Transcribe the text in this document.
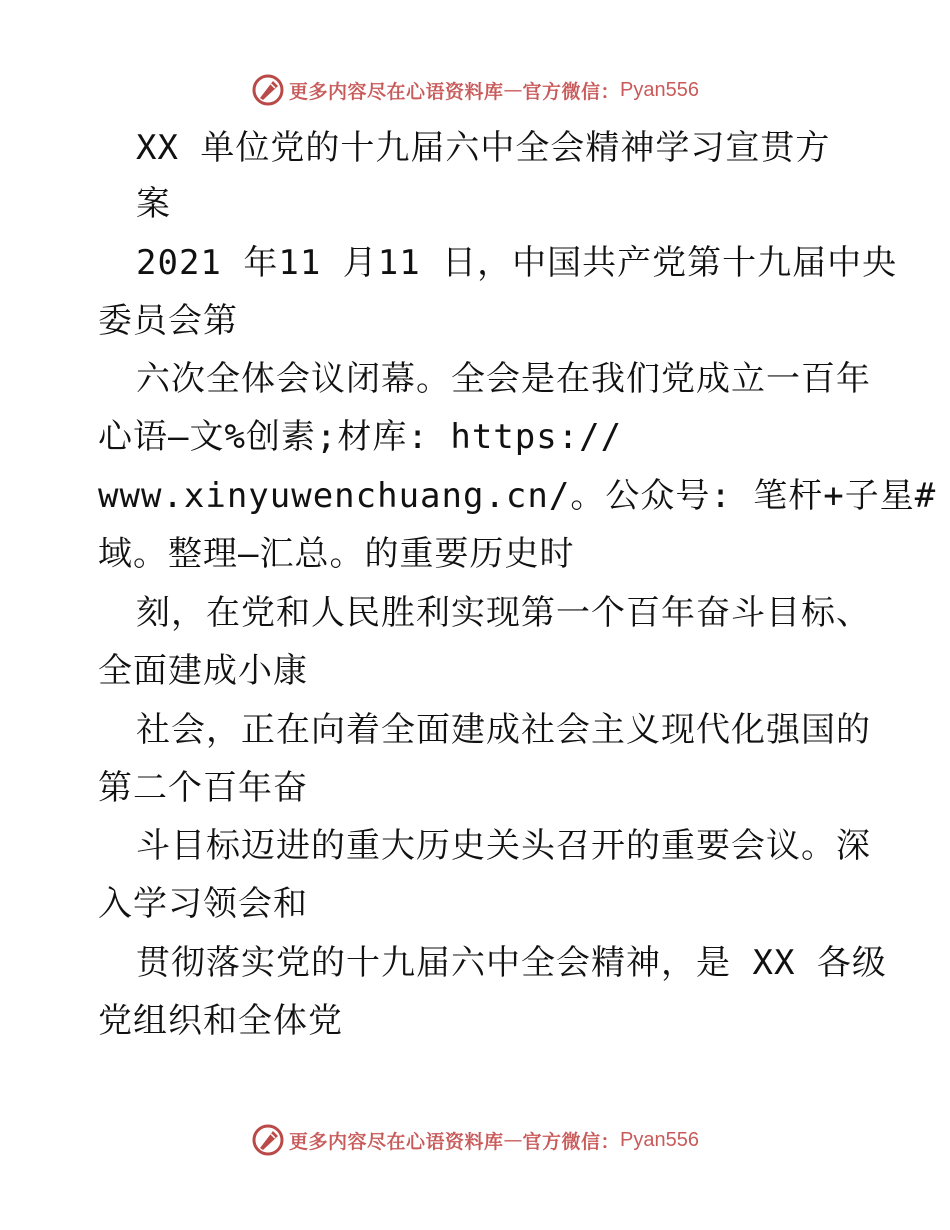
更多内容尽在心语资料库 — 官方微信： Pyan556
XX 单位党的十九届六中全会精神学习宣贯方
案
2021 年11 月11 日，中国共产党第十九届中央
委员会第
六次全体会议闭幕。全会是在我们党成立一百年
心语—文%创素;材库: https://
www.xinyuwenchuang.cn/。公众号: 笔杆+子星#
域。整理—汇总。的重要历史时
刻，在党和人民胜利实现第一个百年奋斗目标、
全面建成小康
社会，正在向着全面建成社会主义现代化强国的
第二个百年奋
斗目标迈进的重大历史关头召开的重要会议。深
入学习领会和
贯彻落实党的十九届六中全会精神，是 XX 各级
党组织和全体党
更多内容尽在心语资料库 — 官方微信： Pyan556
